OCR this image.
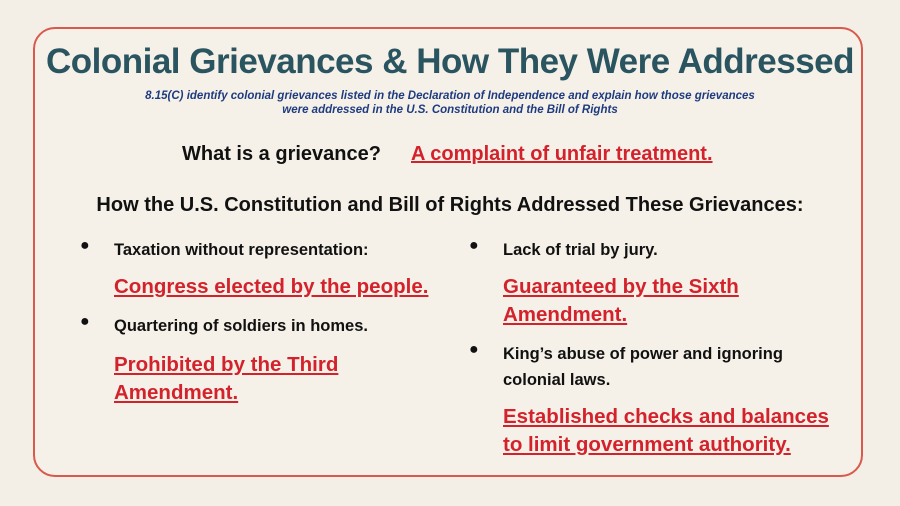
Colonial Grievances & How They Were Addressed
8.15(C) identify colonial grievances listed in the Declaration of Independence and explain how those grievances were addressed in the U.S. Constitution and the Bill of Rights
What is a grievance? A complaint of unfair treatment.
How the U.S. Constitution and Bill of Rights Addressed These Grievances:
● Taxation without representation:
Congress elected by the people.
● Quartering of soldiers in homes.
Prohibited by the Third Amendment.
● Lack of trial by jury.
Guaranteed by the Sixth Amendment.
● King’s abuse of power and ignoring colonial laws.
Established checks and balances to limit government authority.
